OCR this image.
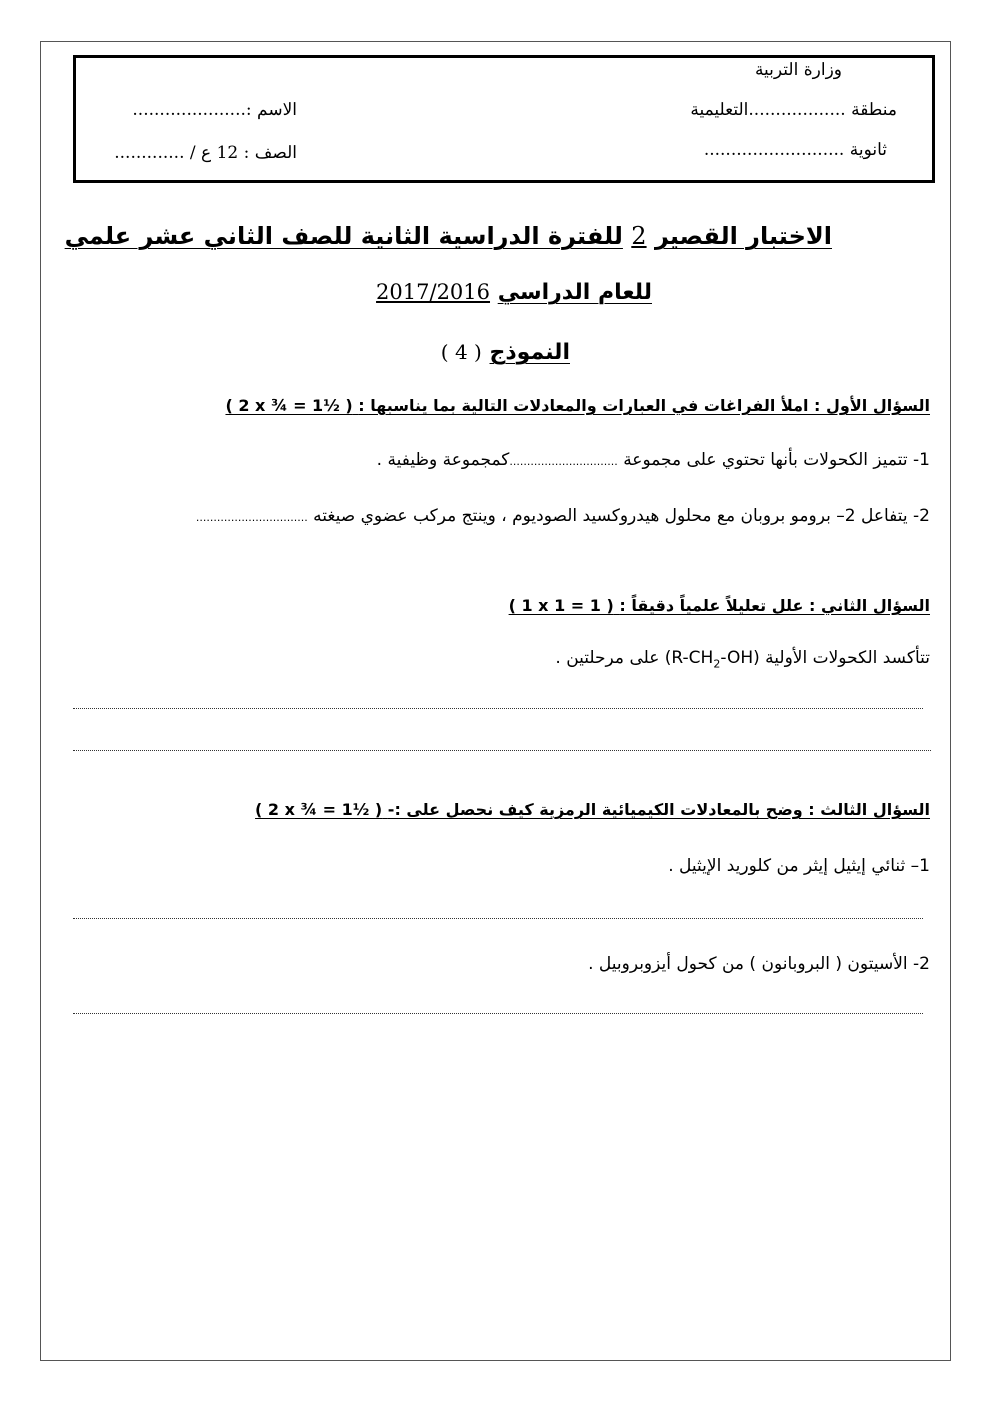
وزارة التربية
منطقة ..................التعليمية
ثانوية ..........................
الاسم :.....................
الصف : 12 ع / .............
الاختبار القصير 2 للفترة الدراسية الثانية للصف الثاني عشر علمي
للعام الدراسي 2017/2016
النموذج ( 4 )
السؤال الأول : املأ الفراغات في العبارات والمعادلات التالية بما يناسبها : ( 2 x ¾ = 1½ )
1- تتميز الكحولات بأنها تحتوي على مجموعة ...............................كمجموعة وظيفية .
2- يتفاعل 2– برومو بروبان مع محلول هيدروكسيد الصوديوم ، وينتج مركب عضوي صيغته ................................
السؤال الثاني : علل تعليلاً علمياً دقيقاً : ( 1 x 1 = 1 )
تتأكسد الكحولات الأولية $(R-CH_2-OH)$ على مرحلتين .
السؤال الثالث : وضح بالمعادلات الكيميائية الرمزية كيف نحصل على :- ( 2 x ¾ = 1½ )
1– ثنائي إيثيل إيثر من كلوريد الإيثيل .
2- الأسيتون ( البروبانون ) من كحول أيزوبروبيل .
